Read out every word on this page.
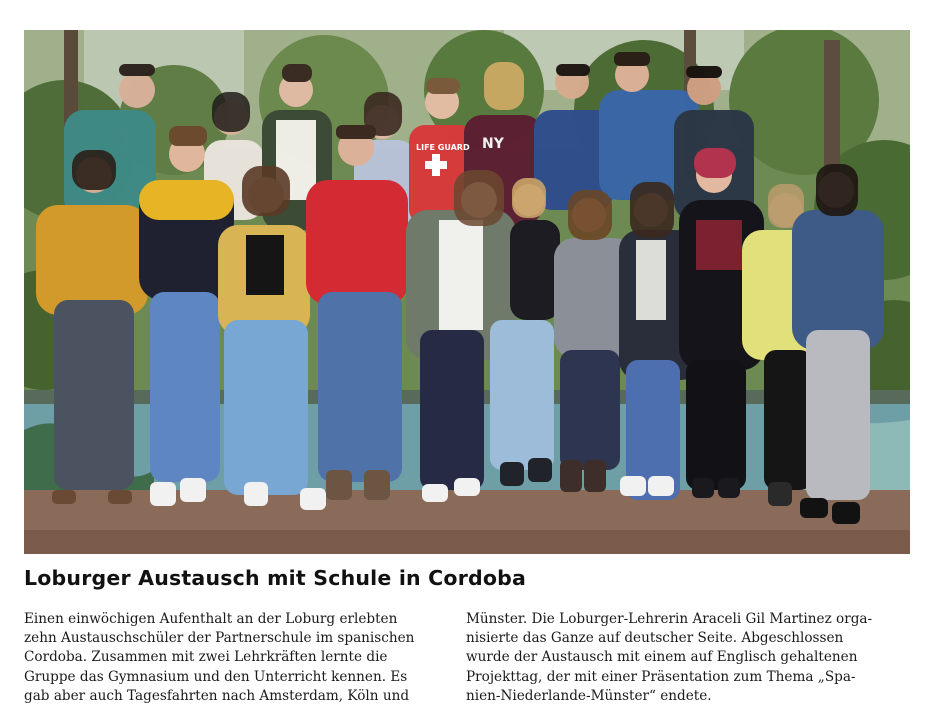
NY
LIFE GUARD
Loburger Austausch mit Schule in Cordoba
Einen einwöchigen Aufenthalt an der Loburg erlebten
zehn Austauschschüler der Partnerschule im spanischen
Cordoba. Zusammen mit zwei Lehrkräften lernte die
Gruppe das Gymnasium und den Unterricht kennen. Es
gab aber auch Tagesfahrten nach Amsterdam, Köln und
Münster. Die Loburger-Lehrerin Araceli Gil Martinez orga-
nisierte das Ganze auf deutscher Seite. Abgeschlossen
wurde der Austausch mit einem auf Englisch gehaltenen
Projekttag, der mit einer Präsentation zum Thema „Spa-
nien-Niederlande-Münster“ endete.
